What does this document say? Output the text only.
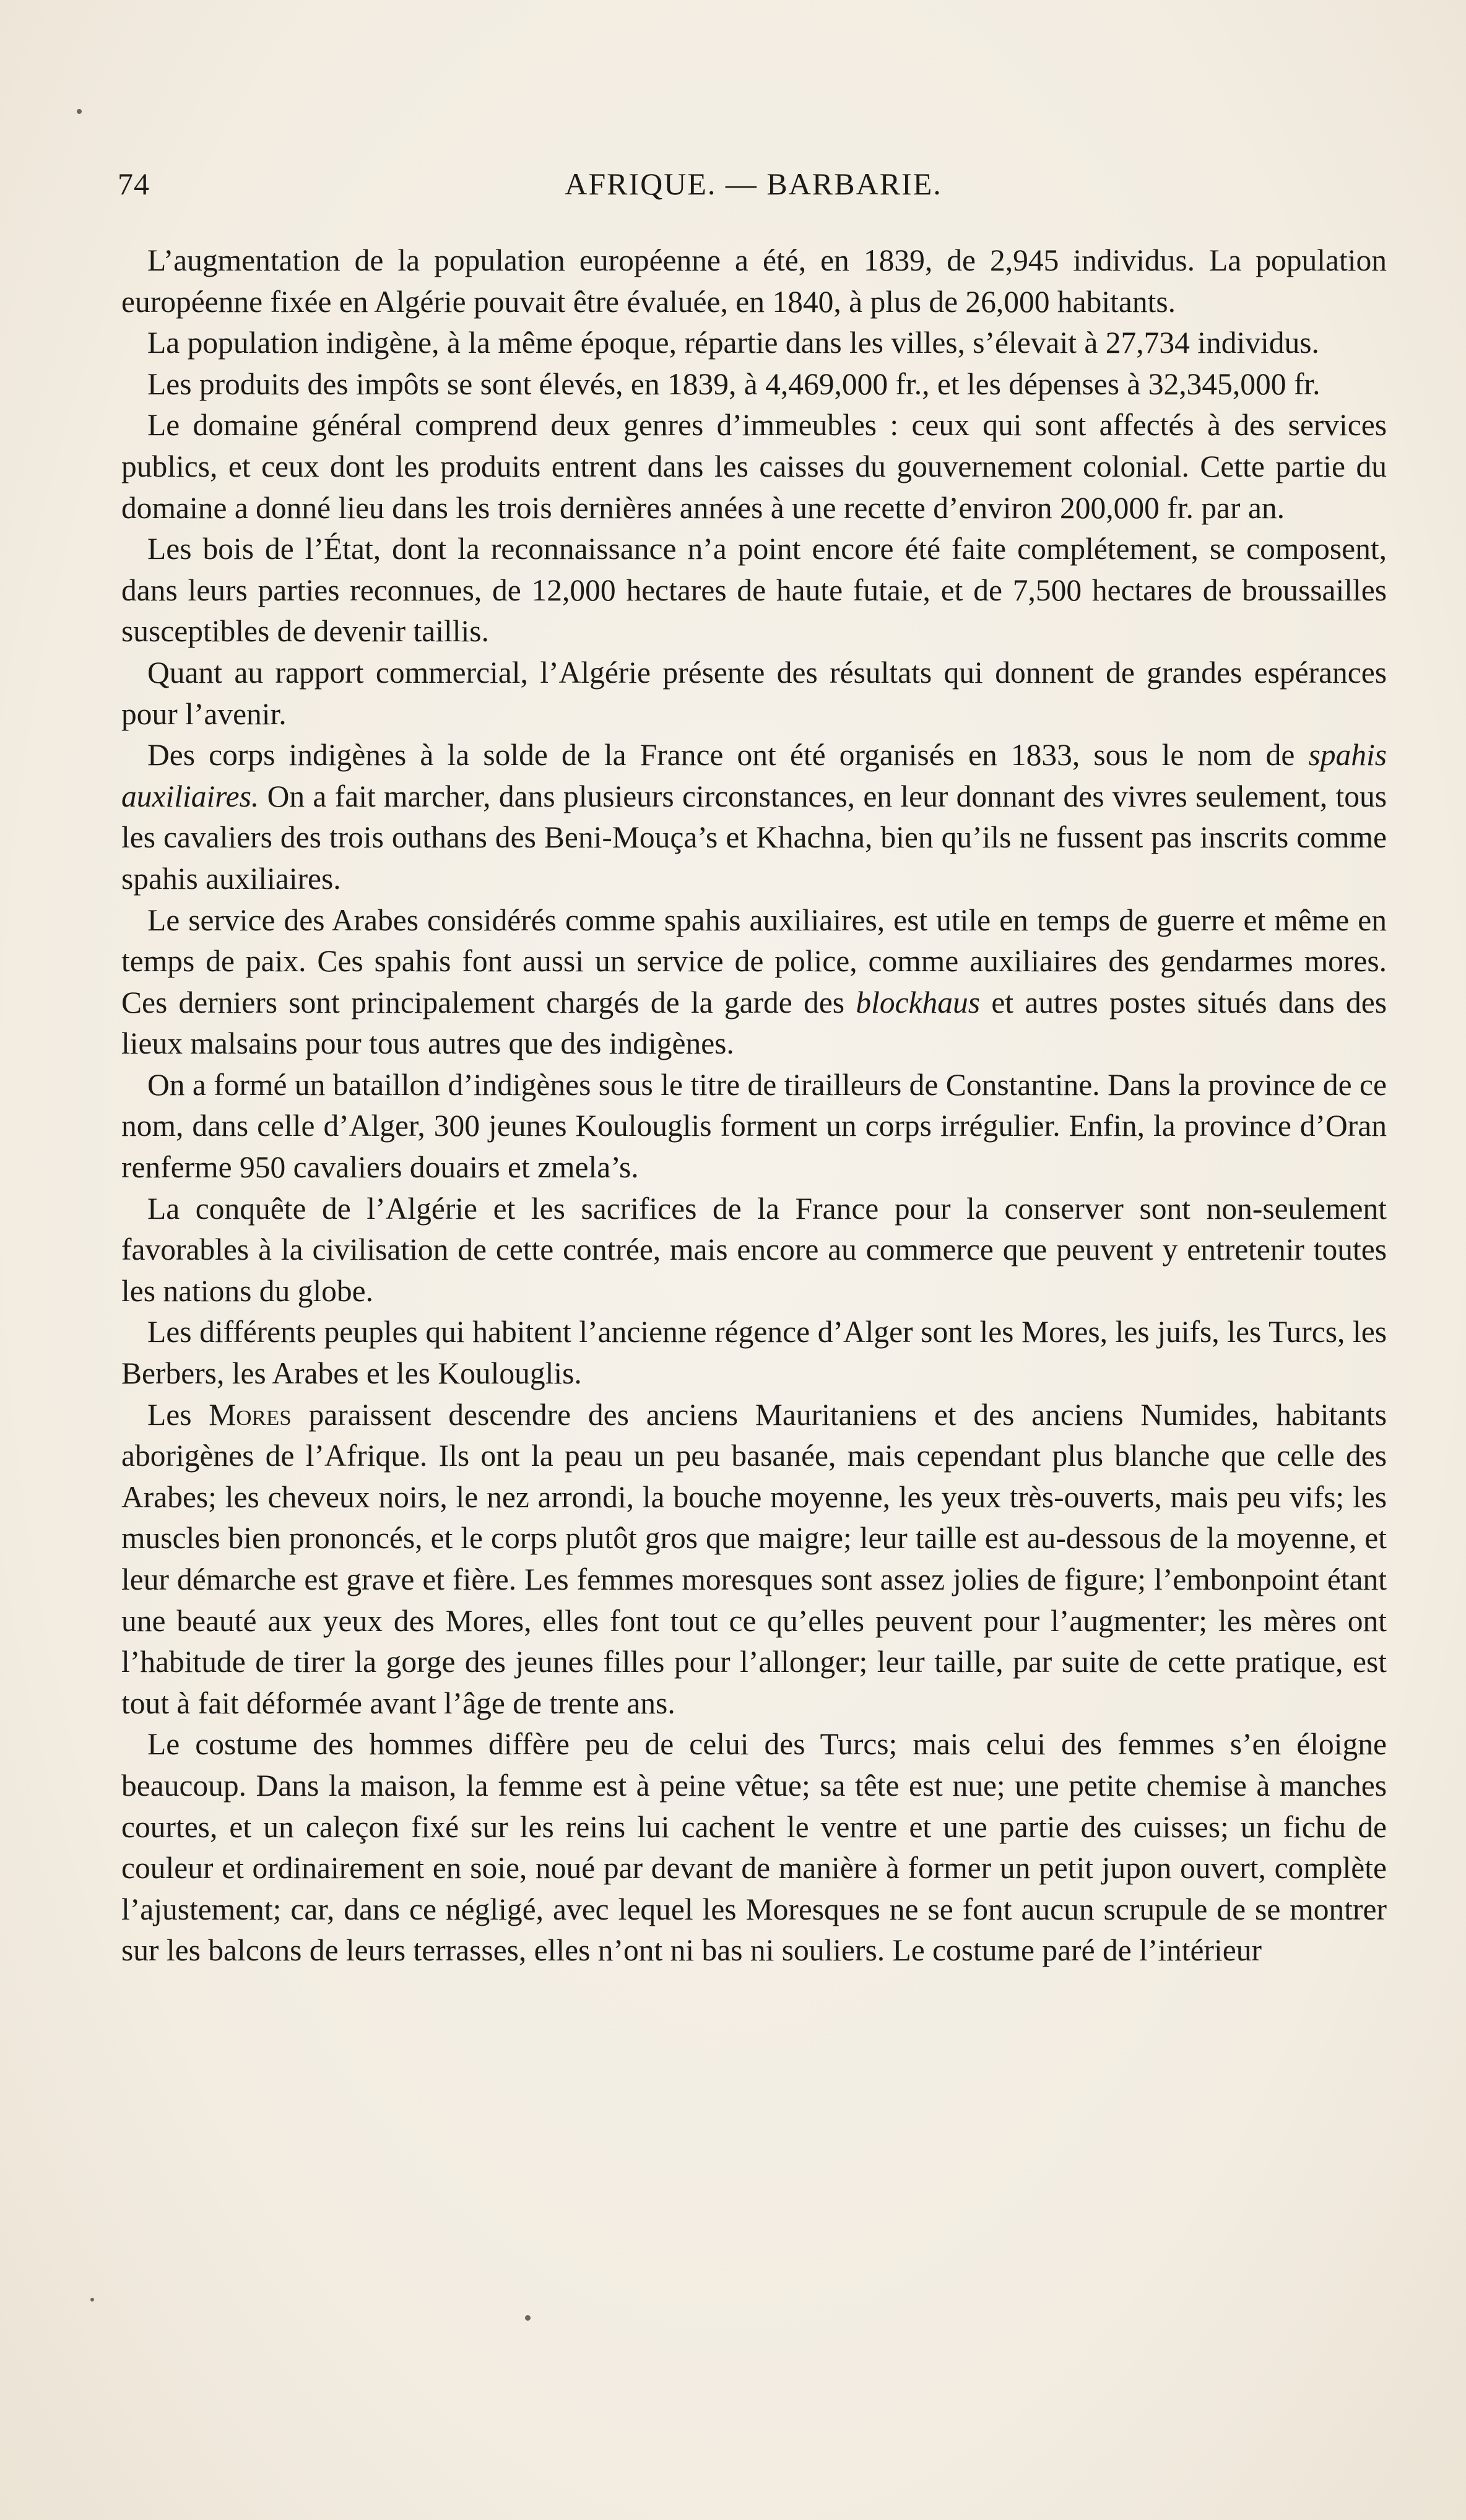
74	AFRIQUE. — BARBARIE.

L’augmentation de la population européenne a été, en 1839, de 2,945 individus. La population européenne fixée en Algérie pouvait être évaluée, en 1840, à plus de 26,000 habitants.

La population indigène, à la même époque, répartie dans les villes, s’élevait à 27,734 individus.

Les produits des impôts se sont élevés, en 1839, à 4,469,000 fr., et les dépenses à 32,345,000 fr.

Le domaine général comprend deux genres d’immeubles : ceux qui sont affectés à des services publics, et ceux dont les produits entrent dans les caisses du gouvernement colonial. Cette partie du domaine a donné lieu dans les trois dernières années à une recette d’environ 200,000 fr. par an.

Les bois de l’État, dont la reconnaissance n’a point encore été faite complétement, se composent, dans leurs parties reconnues, de 12,000 hectares de haute futaie, et de 7,500 hectares de broussailles susceptibles de devenir taillis.

Quant au rapport commercial, l’Algérie présente des résultats qui donnent de grandes espérances pour l’avenir.

Des corps indigènes à la solde de la France ont été organisés en 1833, sous le nom de spahis auxiliaires. On a fait marcher, dans plusieurs circonstances, en leur donnant des vivres seulement, tous les cavaliers des trois outhans des Beni-Mouça’s et Khachna, bien qu’ils ne fussent pas inscrits comme spahis auxiliaires.

Le service des Arabes considérés comme spahis auxiliaires, est utile en temps de guerre et même en temps de paix. Ces spahis font aussi un service de police, comme auxiliaires des gendarmes mores. Ces derniers sont principalement chargés de la garde des blockhaus et autres postes situés dans des lieux malsains pour tous autres que des indigènes.

On a formé un bataillon d’indigènes sous le titre de tirailleurs de Constantine. Dans la province de ce nom, dans celle d’Alger, 300 jeunes Koulouglis forment un corps irrégulier. Enfin, la province d’Oran renferme 950 cavaliers douairs et zmela’s.

La conquête de l’Algérie et les sacrifices de la France pour la conserver sont non-seulement favorables à la civilisation de cette contrée, mais encore au commerce que peuvent y entretenir toutes les nations du globe.

Les différents peuples qui habitent l’ancienne régence d’Alger sont les Mores, les juifs, les Turcs, les Berbers, les Arabes et les Koulouglis.

Les Mores paraissent descendre des anciens Mauritaniens et des anciens Numides, habitants aborigènes de l’Afrique. Ils ont la peau un peu basanée, mais cependant plus blanche que celle des Arabes; les cheveux noirs, le nez arrondi, la bouche moyenne, les yeux très-ouverts, mais peu vifs; les muscles bien prononcés, et le corps plutôt gros que maigre; leur taille est au-dessous de la moyenne, et leur démarche est grave et fière. Les femmes moresques sont assez jolies de figure; l’embonpoint étant une beauté aux yeux des Mores, elles font tout ce qu’elles peuvent pour l’augmenter; les mères ont l’habitude de tirer la gorge des jeunes filles pour l’allonger; leur taille, par suite de cette pratique, est tout à fait déformée avant l’âge de trente ans.

Le costume des hommes diffère peu de celui des Turcs; mais celui des femmes s’en éloigne beaucoup. Dans la maison, la femme est à peine vêtue; sa tête est nue; une petite chemise à manches courtes, et un caleçon fixé sur les reins lui cachent le ventre et une partie des cuisses; un fichu de couleur et ordinairement en soie, noué par devant de manière à former un petit jupon ouvert, complète l’ajustement; car, dans ce négligé, avec lequel les Moresques ne se font aucun scrupule de se montrer sur les balcons de leurs terrasses, elles n’ont ni bas ni souliers. Le costume paré de l’intérieur
